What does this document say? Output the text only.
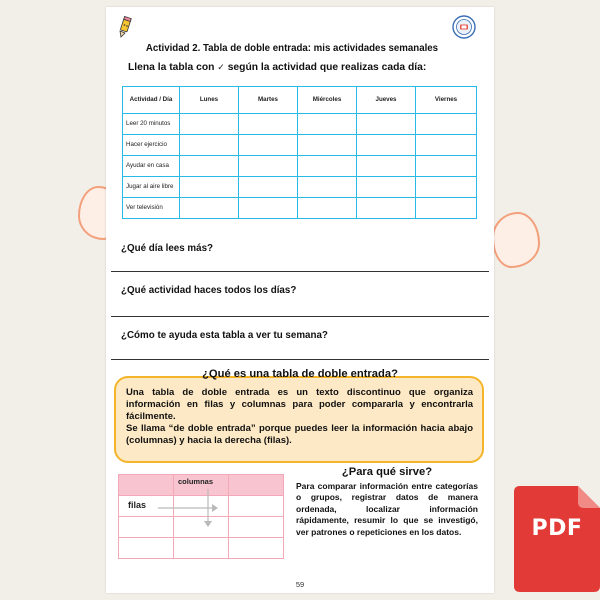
Actividad 2. Tabla de doble entrada: mis actividades semanales
Llena la tabla con ✓ según la actividad que realizas cada día:
Actividad / Día	Lunes	Martes	Miércoles	Jueves	Viernes

Leer 20 minutos					

Hacer ejercicio					

Ayudar en casa					

Jugar al aire libre					

Ver televisión					

¿Qué día lees más?
¿Qué actividad haces todos los días?
¿Cómo te ayuda esta tabla a ver tu semana?

Una tabla de doble entrada es un texto discontinuo que organiza información en filas y columnas para poder compararla y encontrarla fácilmente.

Se llama “de doble entrada” porque puedes leer la información hacia abajo (columnas) y hacia la derecha (filas).

¿Qué es una tabla de doble entrada?

columnas
filas
¿Para qué sirve?
Para comparar información entre categorías o grupos, registrar datos de manera ordenada, localizar información rápidamente, resumir lo que se investigó, ver patrones o repeticiones en los datos.
59
PDF
